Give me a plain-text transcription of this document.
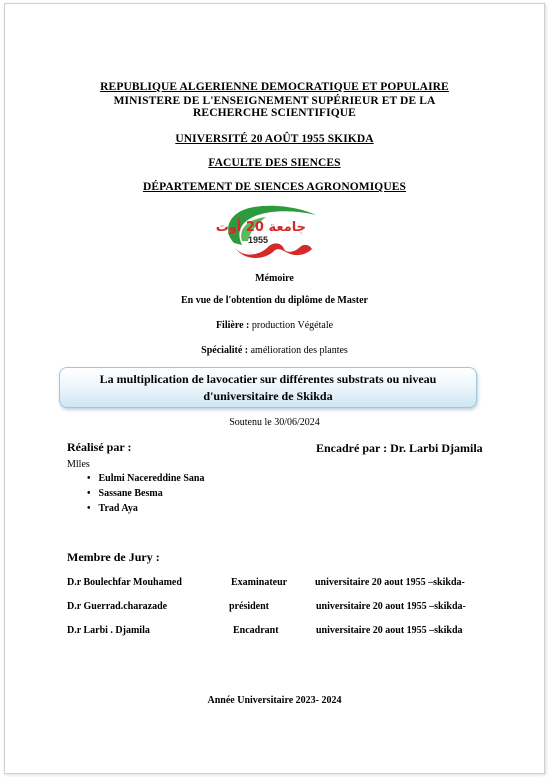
REPUBLIQUE ALGERIENNE DEMOCRATIQUE ET POPULAIRE
MINISTERE DE L'ENSEIGNEMENT SUPÉRIEUR ET DE LA RECHERCHE SCIENTIFIQUE
UNIVERSITÉ 20 AOÛT 1955 SKIKDA
FACULTE DES SIENCES
DÉPARTEMENT DE SIENCES AGRONOMIQUES
جامعة 20 أوت
1955
Mémoire
En vue de l'obtention du diplôme de Master
Filière : production Végétale
Spécialité : amélioration des plantes
La multiplication de lavocatier sur différentes substrats ou niveau
d'universitaire de Skikda
Soutenu le 30/06/2024
Réalisé par :	Encadré par : Dr. Larbi Djamila
Mlles
• Eulmi Nacereddine Sana
• Sassane Besma
• Trad Aya
Membre de Jury :
D.r Boulechfar Mouhamed	Examinateur	universitaire 20 aout 1955 –skikda-
D.r Guerrad.charazade	président	universitaire 20 aout 1955 –skikda-
D.r Larbi . Djamila	Encadrant	universitaire 20 aout 1955 –skikda
Année Universitaire 2023- 2024
